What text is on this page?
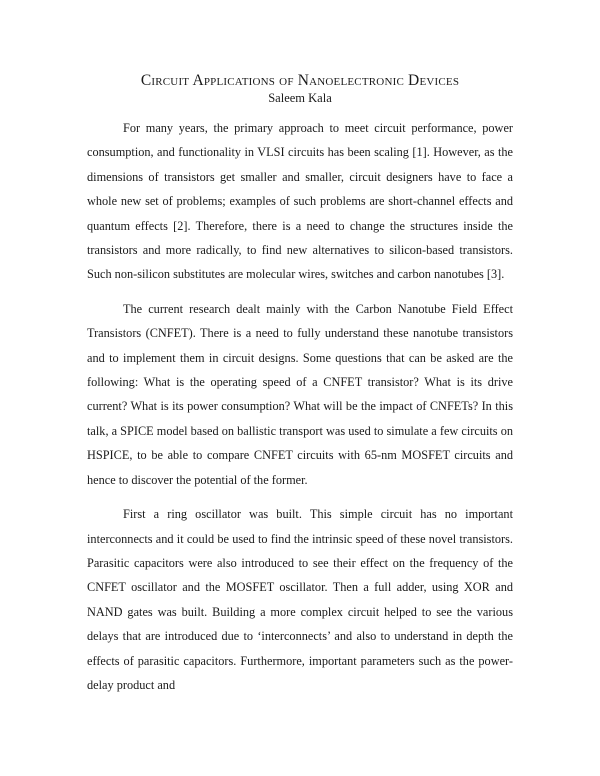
Circuit Applications of Nanoelectronic Devices

Saleem Kala

For many years, the primary approach to meet circuit performance, power consumption, and functionality in VLSI circuits has been scaling [1]. However, as the dimensions of transistors get smaller and smaller, circuit designers have to face a whole new set of problems; examples of such problems are short-channel effects and quantum effects [2]. Therefore, there is a need to change the structures inside the transistors and more radically, to find new alternatives to silicon-based transistors. Such non-silicon substitutes are molecular wires, switches and carbon nanotubes [3].

The current research dealt mainly with the Carbon Nanotube Field Effect Transistors (CNFET). There is a need to fully understand these nanotube transistors and to implement them in circuit designs. Some questions that can be asked are the following: What is the operating speed of a CNFET transistor? What is its drive current? What is its power consumption? What will be the impact of CNFETs? In this talk, a SPICE model based on ballistic transport was used to simulate a few circuits on HSPICE, to be able to compare CNFET circuits with 65-nm MOSFET circuits and hence to discover the potential of the former.

First a ring oscillator was built. This simple circuit has no important interconnects and it could be used to find the intrinsic speed of these novel transistors. Parasitic capacitors were also introduced to see their effect on the frequency of the CNFET oscillator and the MOSFET oscillator. Then a full adder, using XOR and NAND gates was built. Building a more complex circuit helped to see the various delays that are introduced due to ‘interconnects’ and also to understand in depth the effects of parasitic capacitors. Furthermore, important parameters such as the power-delay product and
